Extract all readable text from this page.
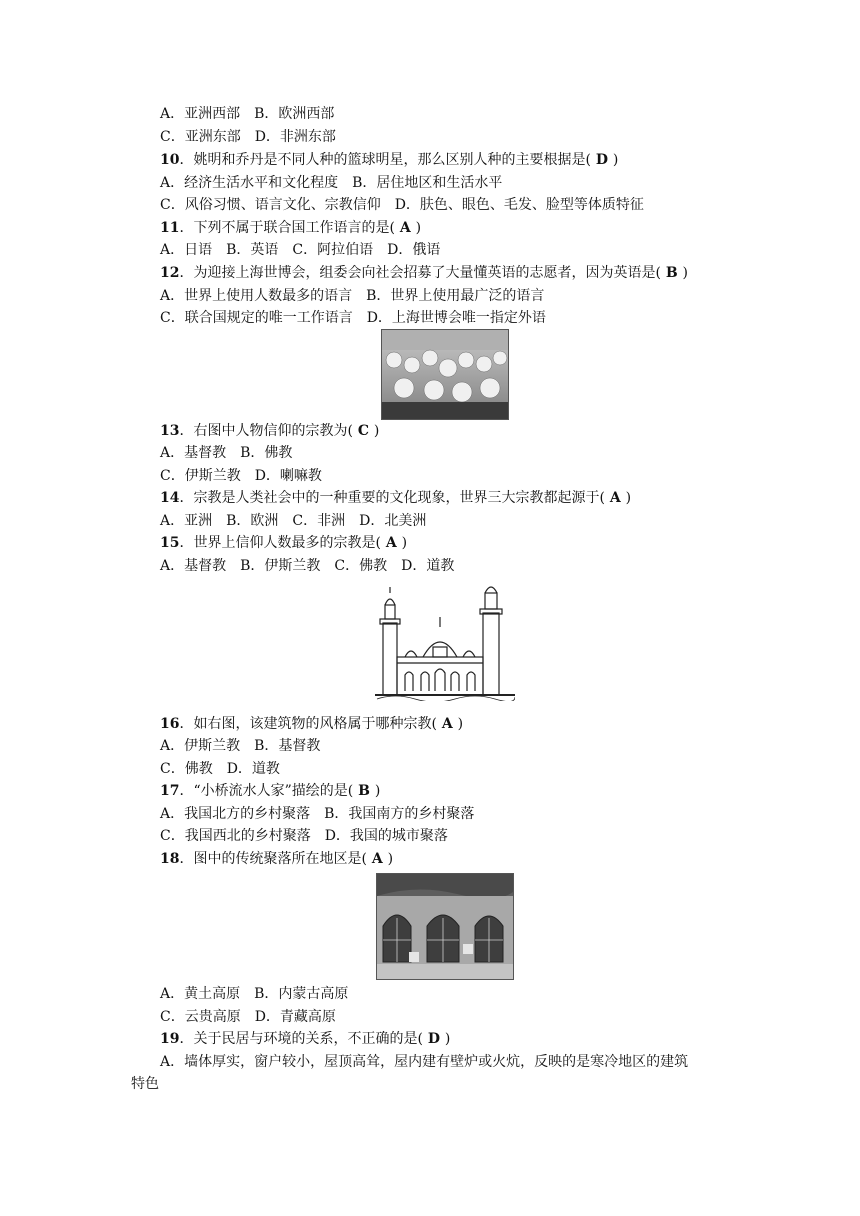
A．亚洲西部　B．欧洲西部
C．亚洲东部　D．非洲东部
10．姚明和乔丹是不同人种的篮球明星，那么区别人种的主要根据是( D )
A．经济生活水平和文化程度　B．居住地区和生活水平
C．风俗习惯、语言文化、宗教信仰　D．肤色、眼色、毛发、脸型等体质特征
11．下列不属于联合国工作语言的是( A )
A．日语　B．英语　C．阿拉伯语　D．俄语
12．为迎接上海世博会，组委会向社会招募了大量懂英语的志愿者，因为英语是( B )
A．世界上使用人数最多的语言　B．世界上使用最广泛的语言
C．联合国规定的唯一工作语言　D．上海世博会唯一指定外语
13．右图中人物信仰的宗教为( C )
A．基督教　B．佛教
C．伊斯兰教　D．喇嘛教
14．宗教是人类社会中的一种重要的文化现象，世界三大宗教都起源于( A )
A．亚洲　B．欧洲　C．非洲　D．北美洲
15．世界上信仰人数最多的宗教是( A )
A．基督教　B．伊斯兰教　C．佛教　D．道教
16．如右图，该建筑物的风格属于哪种宗教( A )
A．伊斯兰教　B．基督教
C．佛教　D．道教
17．“小桥流水人家”描绘的是( B )
A．我国北方的乡村聚落　B．我国南方的乡村聚落
C．我国西北的乡村聚落　D．我国的城市聚落
18．图中的传统聚落所在地区是( A )
A．黄土高原　B．内蒙古高原
C．云贵高原　D．青藏高原
19．关于民居与环境的关系，不正确的是( D )
A．墙体厚实，窗户较小，屋顶高耸，屋内建有壁炉或火炕，反映的是寒冷地区的建筑
特色
